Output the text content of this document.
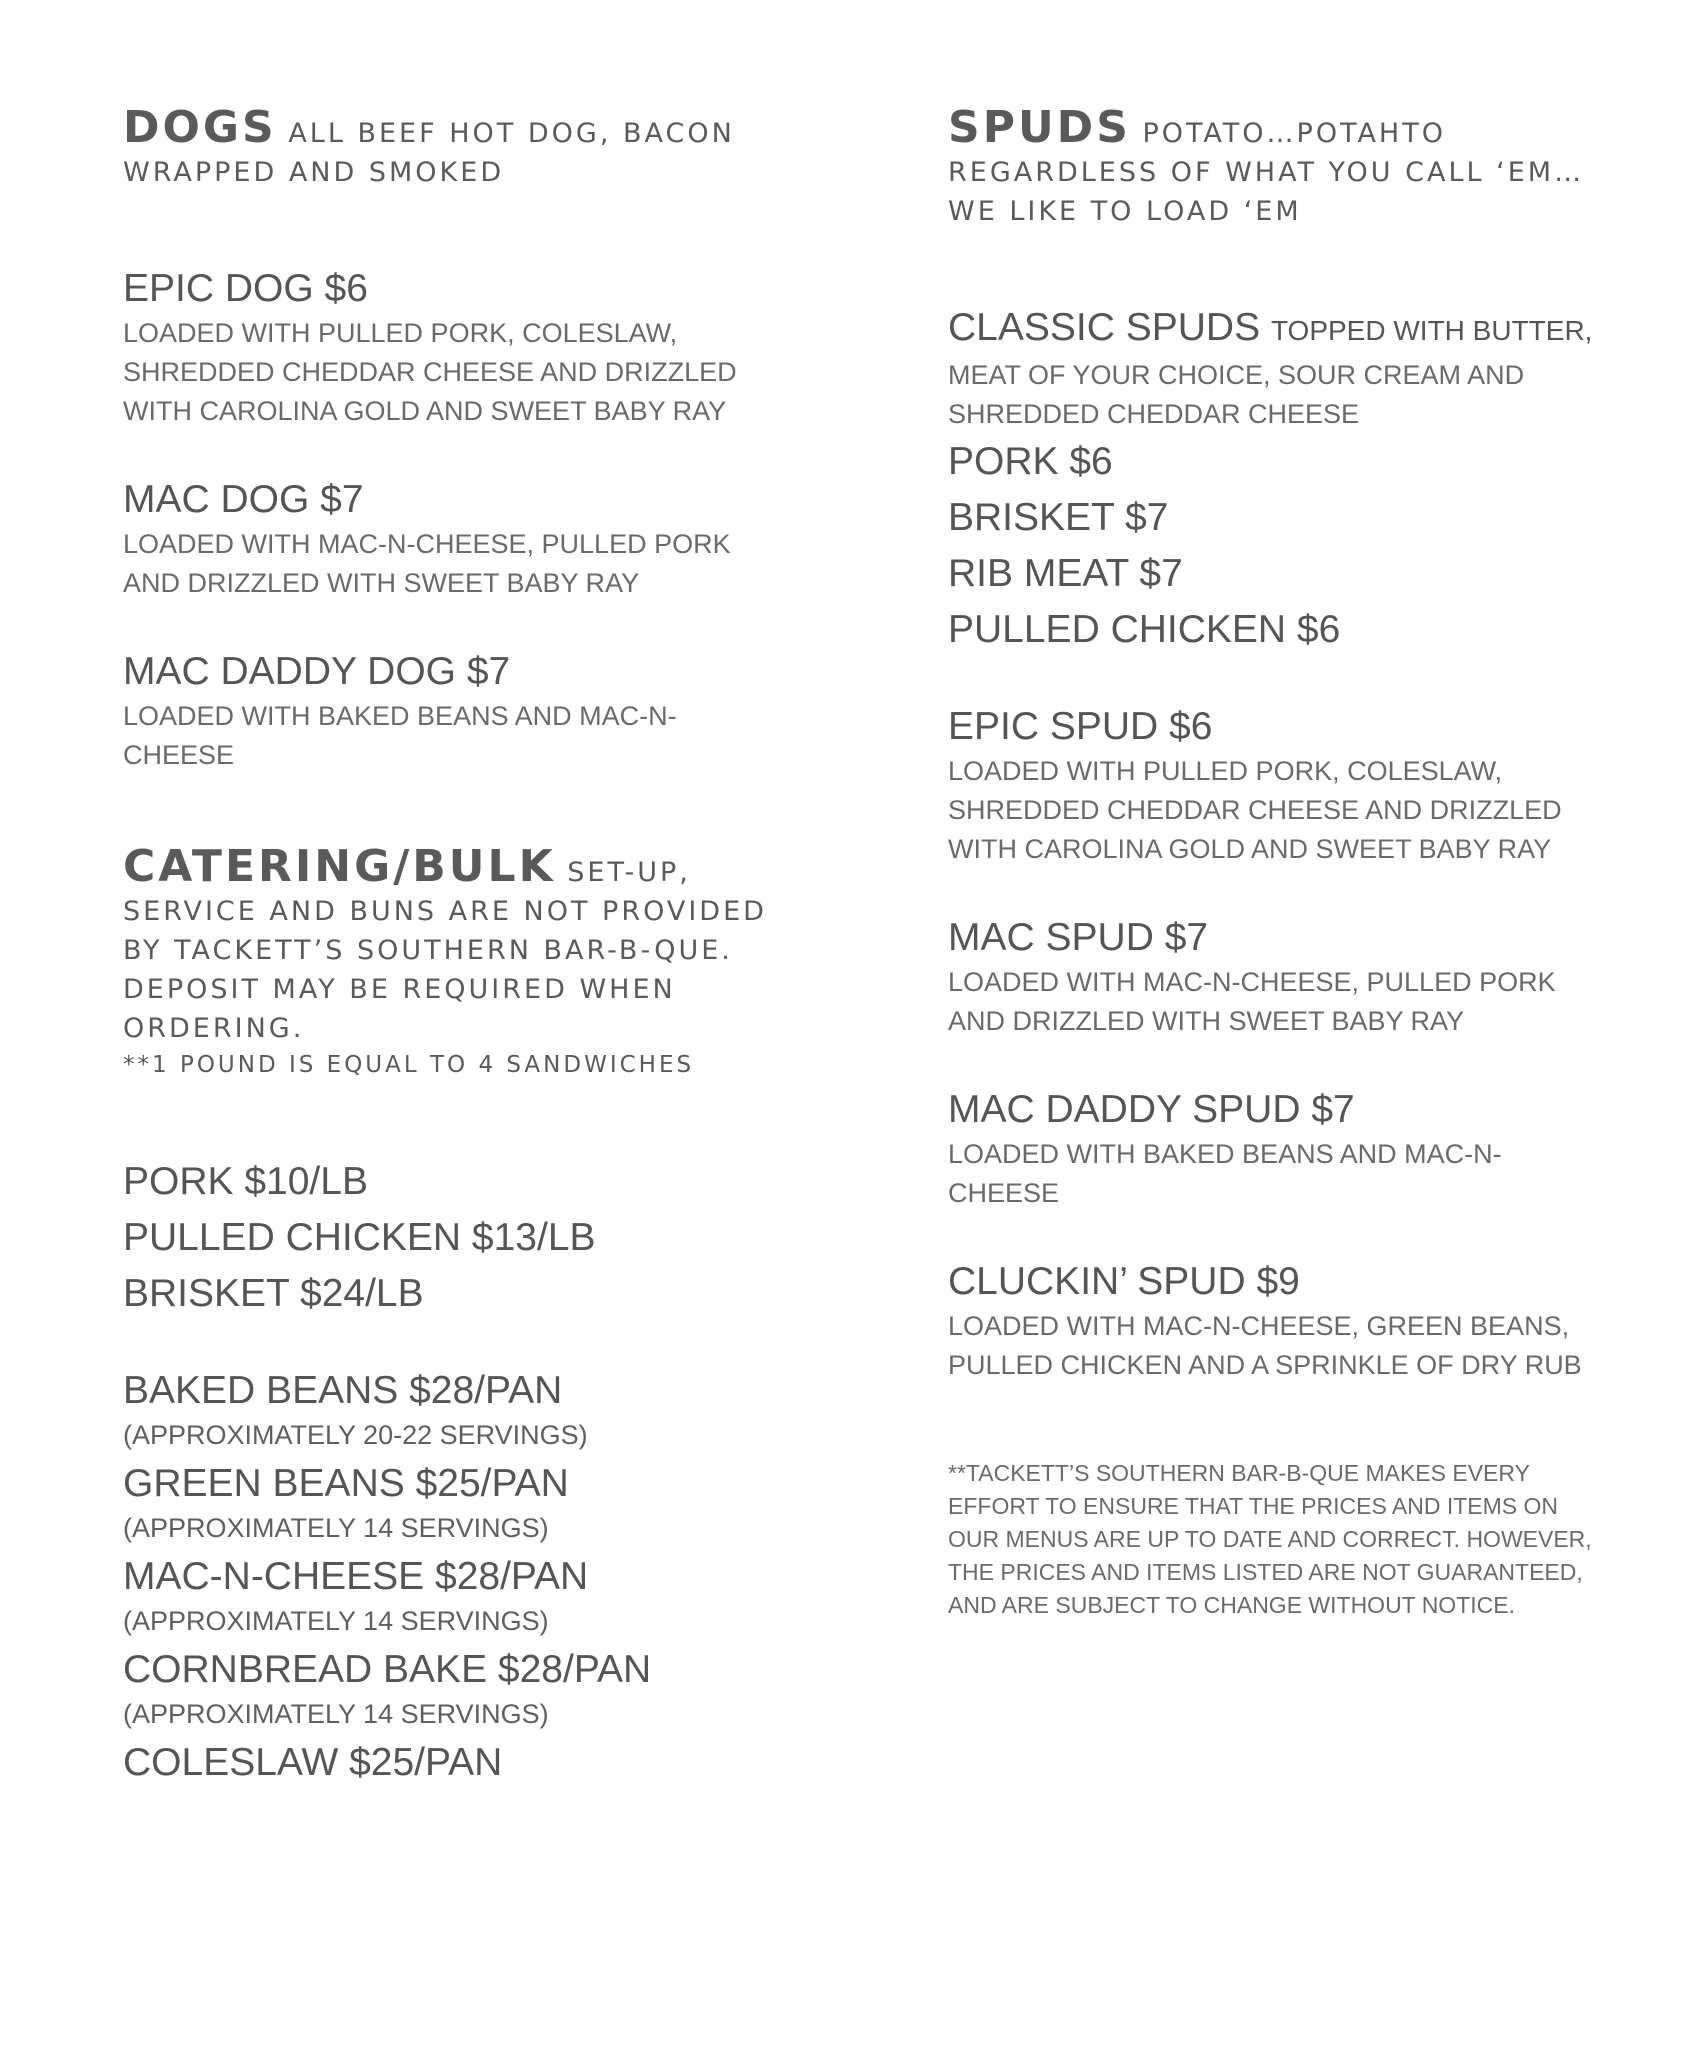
DOGS ALL BEEF HOT DOG, BACON WRAPPED AND SMOKED

EPIC DOG $6

LOADED WITH PULLED PORK, COLESLAW, SHREDDED CHEDDAR CHEESE AND DRIZZLED WITH CAROLINA GOLD AND SWEET BABY RAY

MAC DOG $7

LOADED WITH MAC-N-CHEESE, PULLED PORK AND DRIZZLED WITH SWEET BABY RAY

MAC DADDY DOG $7

LOADED WITH BAKED BEANS AND MAC-N-CHEESE

CATERING/BULK SET-UP, SERVICE AND BUNS ARE NOT PROVIDED BY TACKETT’S SOUTHERN BAR-B-QUE. DEPOSIT MAY BE REQUIRED WHEN ORDERING.
**1 POUND IS EQUAL TO 4 SANDWICHES

PORK $10/LB

PULLED CHICKEN $13/LB

BRISKET $24/LB

BAKED BEANS $28/PAN

(APPROXIMATELY 20-22 SERVINGS)

GREEN BEANS $25/PAN

(APPROXIMATELY 14 SERVINGS)

MAC-N-CHEESE $28/PAN

(APPROXIMATELY 14 SERVINGS)

CORNBREAD BAKE $28/PAN

(APPROXIMATELY 14 SERVINGS)

COLESLAW $25/PAN

SPUDS POTATO…POTAHTO REGARDLESS OF WHAT YOU CALL ‘EM…WE LIKE TO LOAD ‘EM

CLASSIC SPUDS TOPPED WITH BUTTER,

MEAT OF YOUR CHOICE, SOUR CREAM AND SHREDDED CHEDDAR CHEESE

PORK $6

BRISKET $7

RIB MEAT $7

PULLED CHICKEN $6

EPIC SPUD $6

LOADED WITH PULLED PORK, COLESLAW, SHREDDED CHEDDAR CHEESE AND DRIZZLED WITH CAROLINA GOLD AND SWEET BABY RAY

MAC SPUD $7

LOADED WITH MAC-N-CHEESE, PULLED PORK AND DRIZZLED WITH SWEET BABY RAY

MAC DADDY SPUD $7

LOADED WITH BAKED BEANS AND MAC-N-CHEESE

CLUCKIN’ SPUD $9

LOADED WITH MAC-N-CHEESE, GREEN BEANS, PULLED CHICKEN AND A SPRINKLE OF DRY RUB

**TACKETT’S SOUTHERN BAR-B-QUE MAKES EVERY EFFORT TO ENSURE THAT THE PRICES AND ITEMS ON OUR MENUS ARE UP TO DATE AND CORRECT. HOWEVER, THE PRICES AND ITEMS LISTED ARE NOT GUARANTEED, AND ARE SUBJECT TO CHANGE WITHOUT NOTICE.
